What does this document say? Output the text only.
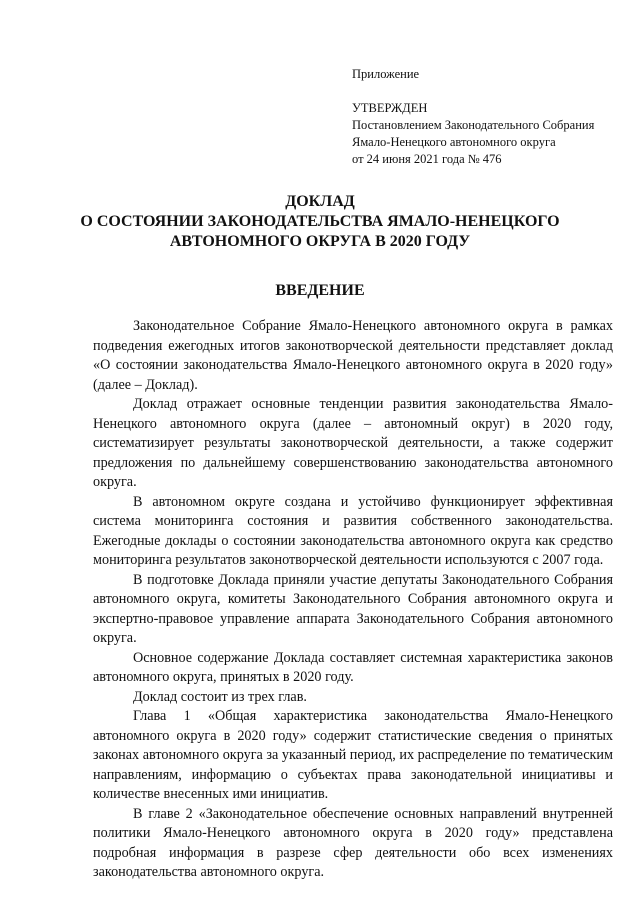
Приложение
УТВЕРЖДЕН
Постановлением Законодательного Собрания
Ямало-Ненецкого автономного округа
от 24 июня 2021 года № 476
ДОКЛАД
О СОСТОЯНИИ ЗАКОНОДАТЕЛЬСТВА ЯМАЛО-НЕНЕЦКОГО
АВТОНОМНОГО ОКРУГА В 2020 ГОДУ
ВВЕДЕНИЕ

Законодательное Собрание Ямало-Ненецкого автономного округа в рамках подведения ежегодных итогов законотворческой деятельности представляет доклад «О состоянии законодательства Ямало-Ненецкого автономного округа в 2020 году» (далее – Доклад).

Доклад отражает основные тенденции развития законодательства Ямало-Ненецкого автономного округа (далее – автономный округ) в 2020 году, систематизирует результаты законотворческой деятельности, а также содержит предложения по дальнейшему совершенствованию законодательства автономного округа.

В автономном округе создана и устойчиво функционирует эффективная система мониторинга состояния и развития собственного законодательства. Ежегодные доклады о состоянии законодательства автономного округа как средство мониторинга результатов законотворческой деятельности используются с 2007 года.

В подготовке Доклада приняли участие депутаты Законодательного Собрания автономного округа, комитеты Законодательного Собрания автономного округа и экспертно-правовое управление аппарата Законодательного Собрания автономного округа.

Основное содержание Доклада составляет системная характеристика законов автономного округа, принятых в 2020 году.

Доклад состоит из трех глав.

Глава 1 «Общая характеристика законодательства Ямало-Ненецкого автономного округа в 2020 году» содержит статистические сведения о принятых законах автономного округа за указанный период, их распределение по тематическим направлениям, информацию о субъектах права законодательной инициативы и количестве внесенных ими инициатив.

В главе 2 «Законодательное обеспечение основных направлений внутренней политики Ямало-Ненецкого автономного округа в 2020 году» представлена подробная информация в разрезе сфер деятельности обо всех изменениях законодательства автономного округа.
